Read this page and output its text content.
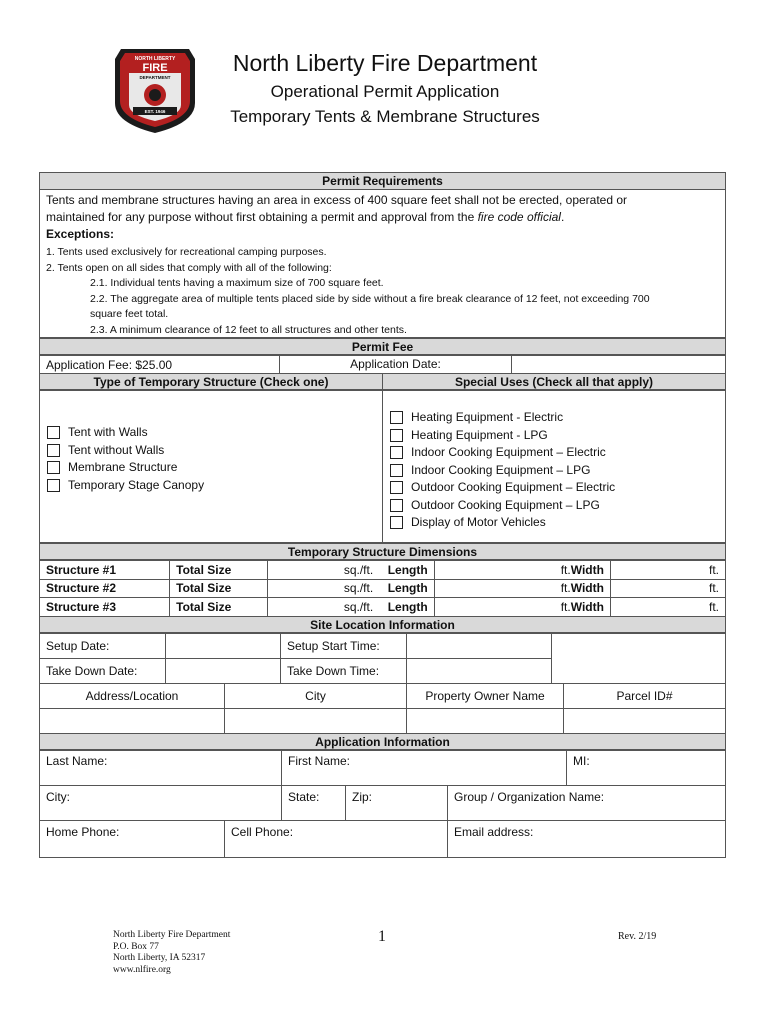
NORTH LIBERTY
FIRE
DEPARTMENT
EST. 1946
North Liberty Fire Department
Operational Permit Application
Temporary Tents & Membrane Structures
Permit Requirements
Tents and membrane structures having an area in excess of 400 square feet shall not be erected, operated or
maintained for any purpose without first obtaining a permit and approval from the fire code official.
Exceptions:
1. Tents used exclusively for recreational camping purposes.
2. Tents open on all sides that comply with all of the following:
2.1. Individual tents having a maximum size of 700 square feet.
2.2. The aggregate area of multiple tents placed side by side without a fire break clearance of 12 feet, not exceeding 700
square feet total.
2.3. A minimum clearance of 12 feet to all structures and other tents.
Permit Fee
Application Fee: $25.00	Application Date:
Type of Temporary Structure (Check one)	Special Uses (Check all that apply)
Tent with Walls
Tent without Walls
Membrane Structure
Temporary Stage Canopy
Heating Equipment - Electric
Heating Equipment - LPG
Indoor Cooking Equipment – Electric
Indoor Cooking Equipment – LPG
Outdoor Cooking Equipment – Electric
Outdoor Cooking Equipment – LPG
Display of Motor Vehicles
Temporary Structure Dimensions
Structure #1	Total Size	sq./ft. Length	ft. Width	ft.
Structure #2	Total Size	sq./ft. Length	ft. Width	ft.
Structure #3	Total Size	sq./ft. Length	ft. Width	ft.
Site Location Information
Setup Date:	Setup Start Time:
Take Down Date:	Take Down Time:
Address/Location	City	Property Owner Name	Parcel ID#
Application Information
Last Name:	First Name:	MI:
City:	State:	Zip:	Group / Organization Name:
Home Phone:	Cell Phone:	Email address:
North Liberty Fire Department
P.O. Box 77
North Liberty, IA 52317
www.nlfire.org
1	Rev. 2/19
